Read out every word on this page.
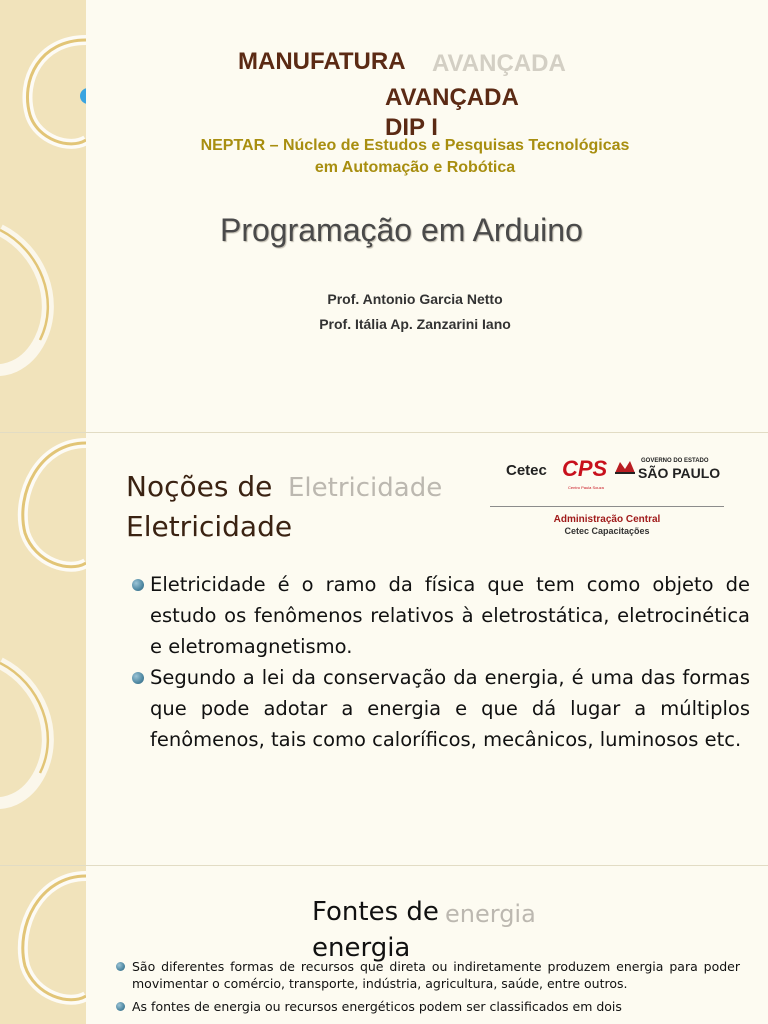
AVANÇADA
MANUFATURA
AVANÇADA
DIP I
NEPTAR – Núcleo de Estudos e Pesquisas Tecnológicas em Automação e Robótica
Programação em Arduino
Prof. Antonio Garcia Netto
Prof. Itália Ap. Zanzarini Iano
Eletricidade
Noções de
Eletricidade
Cetec CPS
Centro Paula Souza
GOVERNO DO ESTADO
SÃO PAULO
Administração Central
Cetec Capacitações
Eletricidade é o ramo da física que tem como objeto de estudo os fenômenos relativos à eletrostática, eletrocinética e eletromagnetismo.
Segundo a lei da conservação da energia, é uma das formas que pode adotar a energia e que dá lugar a múltiplos fenômenos, tais como caloríficos, mecânicos, luminosos etc.
energia
Fontes de
energia
São diferentes formas de recursos que direta ou indiretamente produzem energia para poder movimentar o comércio, transporte, indústria, agricultura, saúde, entre outros.
As fontes de energia ou recursos energéticos podem ser classificados em dois
